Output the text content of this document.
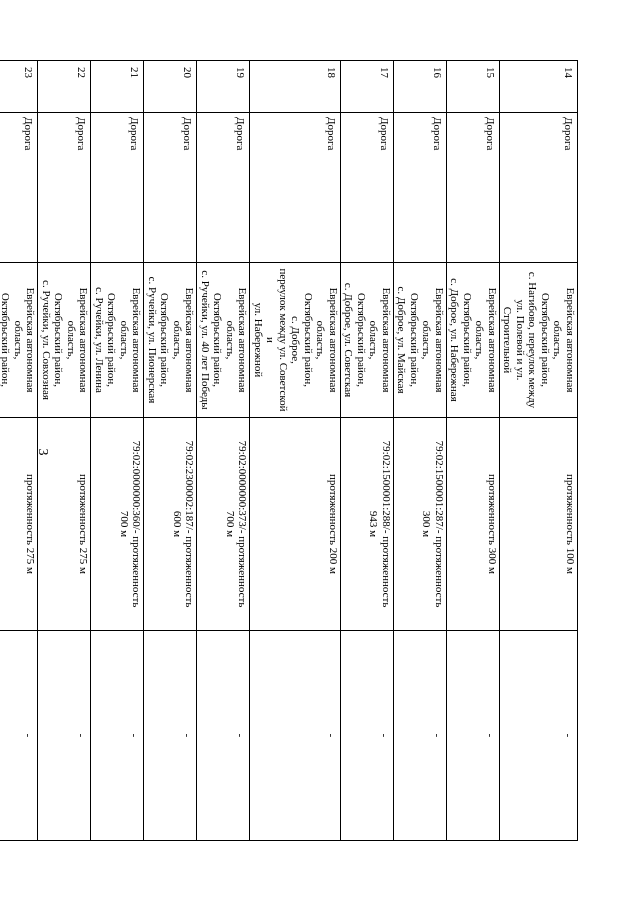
3
14	Дорога	Еврейская автономная область,
Октябрьский район,
с. Нагибово, переулок между
ул. Полевой и ул. Строительной	протяженность 100 м	-
15	Дорога	Еврейская автономная область,
Октябрьский район,
с. Доброе, ул. Набережная	протяженность 300 м	-
16	Дорога	Еврейская автономная область,
Октябрьский район,
с. Доброе, ул. Майская	79:02:1500001:287/- протяженность
300 м	-
17	Дорога	Еврейская автономная область,
Октябрьский район,
с. Доброе, ул. Советская	79:02:1500001:288/- протяженность
943 м	-
18	Дорога	Еврейская автономная область,
Октябрьский район,
с. Доброе,
переулок между ул. Советской и
ул. Набережной	протяженность 200 м	-
19	Дорога	Еврейская автономная область,
Октябрьский район,
с. Ручейки, ул. 40 лет Победы	79:02:0000000:373/- протяженность
700 м	-
20	Дорога	Еврейская автономная область,
Октябрьский район,
с. Ручейки, ул. Пионерская	79:02:2300002:187/- протяженность
600 м	-
21	Дорога	Еврейская автономная область,
Октябрьский район,
с. Ручейки, ул. Ленина	79:02:0000000:360/- протяженность
700 м	-
22	Дорога	Еврейская автономная область,
Октябрьский район,
с. Ручейки, ул. Совхозная	протяженность 275 м	-
23	Дорога	Еврейская автономная область,
Октябрьский район,	протяженность 275 м	-
